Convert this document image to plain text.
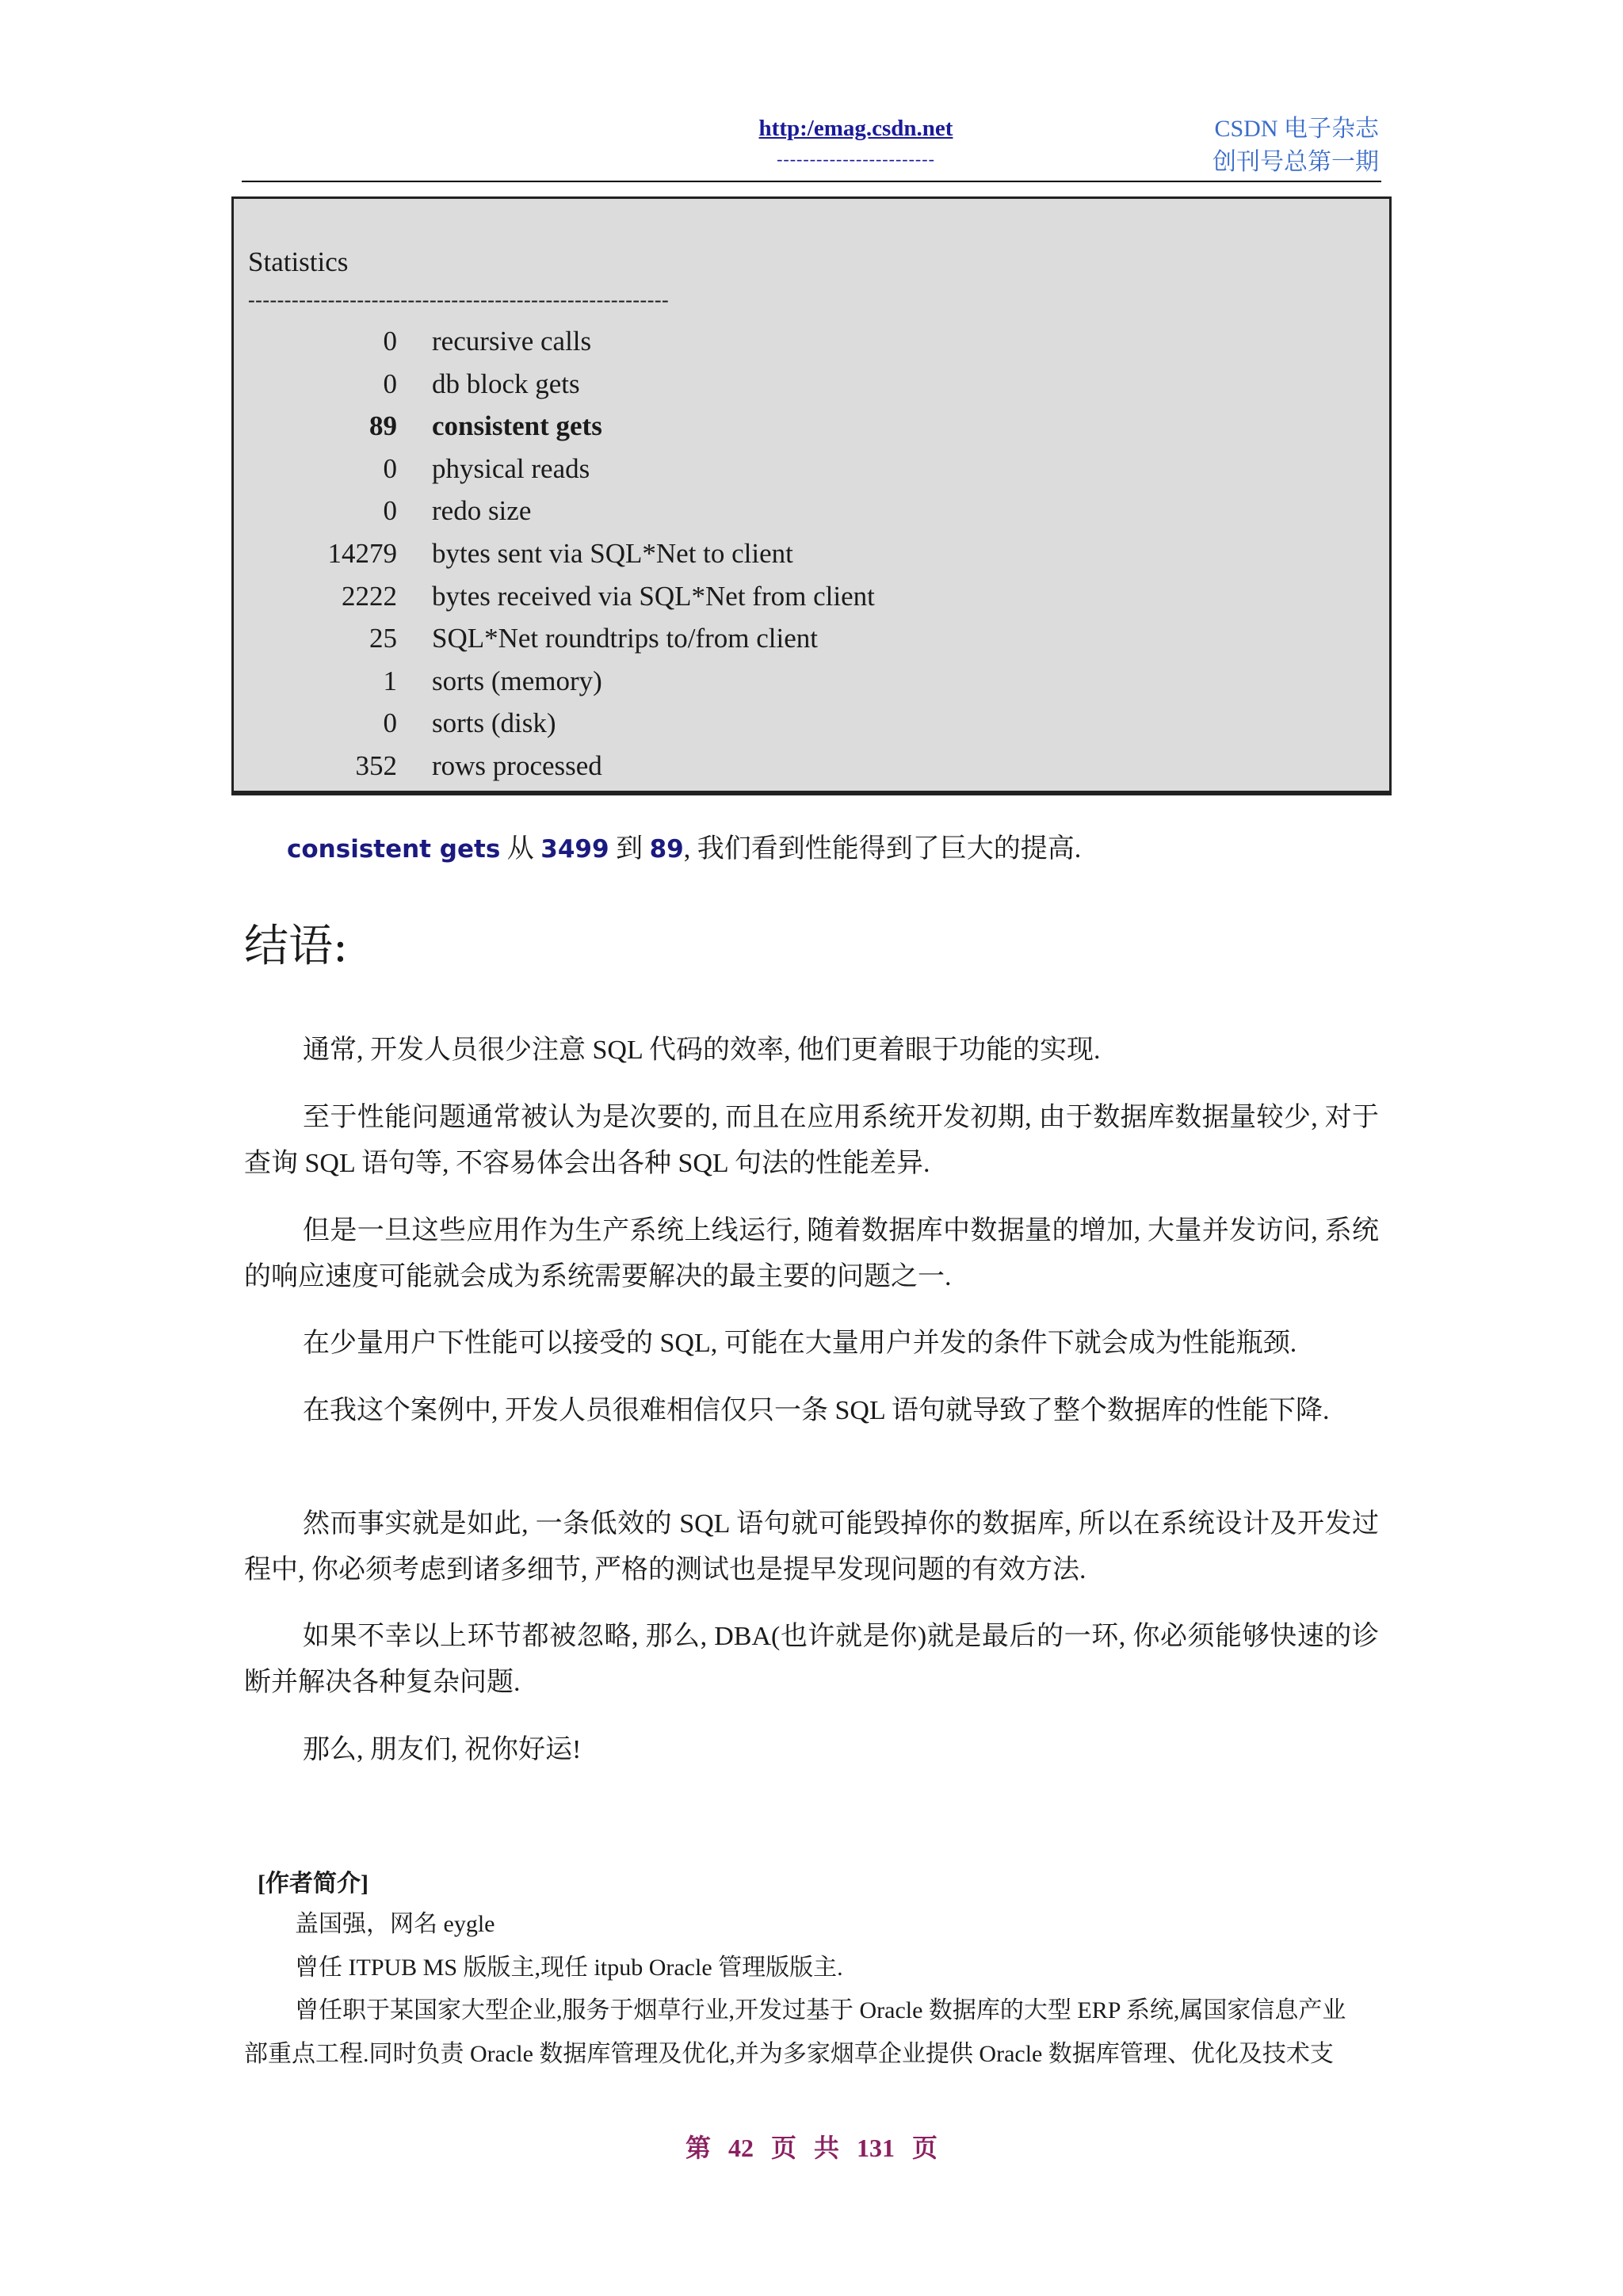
http:/emag.csdn.net
------------------------
CSDN 电子杂志
创刊号总第一期
Statistics
----------------------------------------------------------
0 recursive calls
0 db block gets
89 consistent gets
0 physical reads
0 redo size
14279 bytes sent via SQL*Net to client
2222 bytes received via SQL*Net from client
25 SQL*Net roundtrips to/from client
1 sorts (memory)
0 sorts (disk)
352 rows processed
consistent gets 从 3499 到 89, 我们看到性能得到了巨大的提高.
结语:
通常, 开发人员很少注意 SQL 代码的效率, 他们更着眼于功能的实现.
至于性能问题通常被认为是次要的, 而且在应用系统开发初期, 由于数据库数据量较少, 对于查询 SQL 语句等, 不容易体会出各种 SQL 句法的性能差异.
但是一旦这些应用作为生产系统上线运行, 随着数据库中数据量的增加, 大量并发访问, 系统的响应速度可能就会成为系统需要解决的最主要的问题之一.
在少量用户下性能可以接受的 SQL, 可能在大量用户并发的条件下就会成为性能瓶颈.
在我这个案例中, 开发人员很难相信仅只一条 SQL 语句就导致了整个数据库的性能下降.
然而事实就是如此, 一条低效的 SQL 语句就可能毁掉你的数据库, 所以在系统设计及开发过程中, 你必须考虑到诸多细节, 严格的测试也是提早发现问题的有效方法.
如果不幸以上环节都被忽略, 那么, DBA(也许就是你)就是最后的一环, 你必须能够快速的诊断并解决各种复杂问题.
那么, 朋友们, 祝你好运!
[作者简介]
盖国强，网名 eygle
曾任 ITPUB MS 版版主,现任 itpub Oracle 管理版版主.
曾任职于某国家大型企业,服务于烟草行业,开发过基于 Oracle 数据库的大型 ERP 系统,属国家信息产业
部重点工程.同时负责 Oracle 数据库管理及优化,并为多家烟草企业提供 Oracle 数据库管理、优化及技术支
第 42 页 共 131 页
